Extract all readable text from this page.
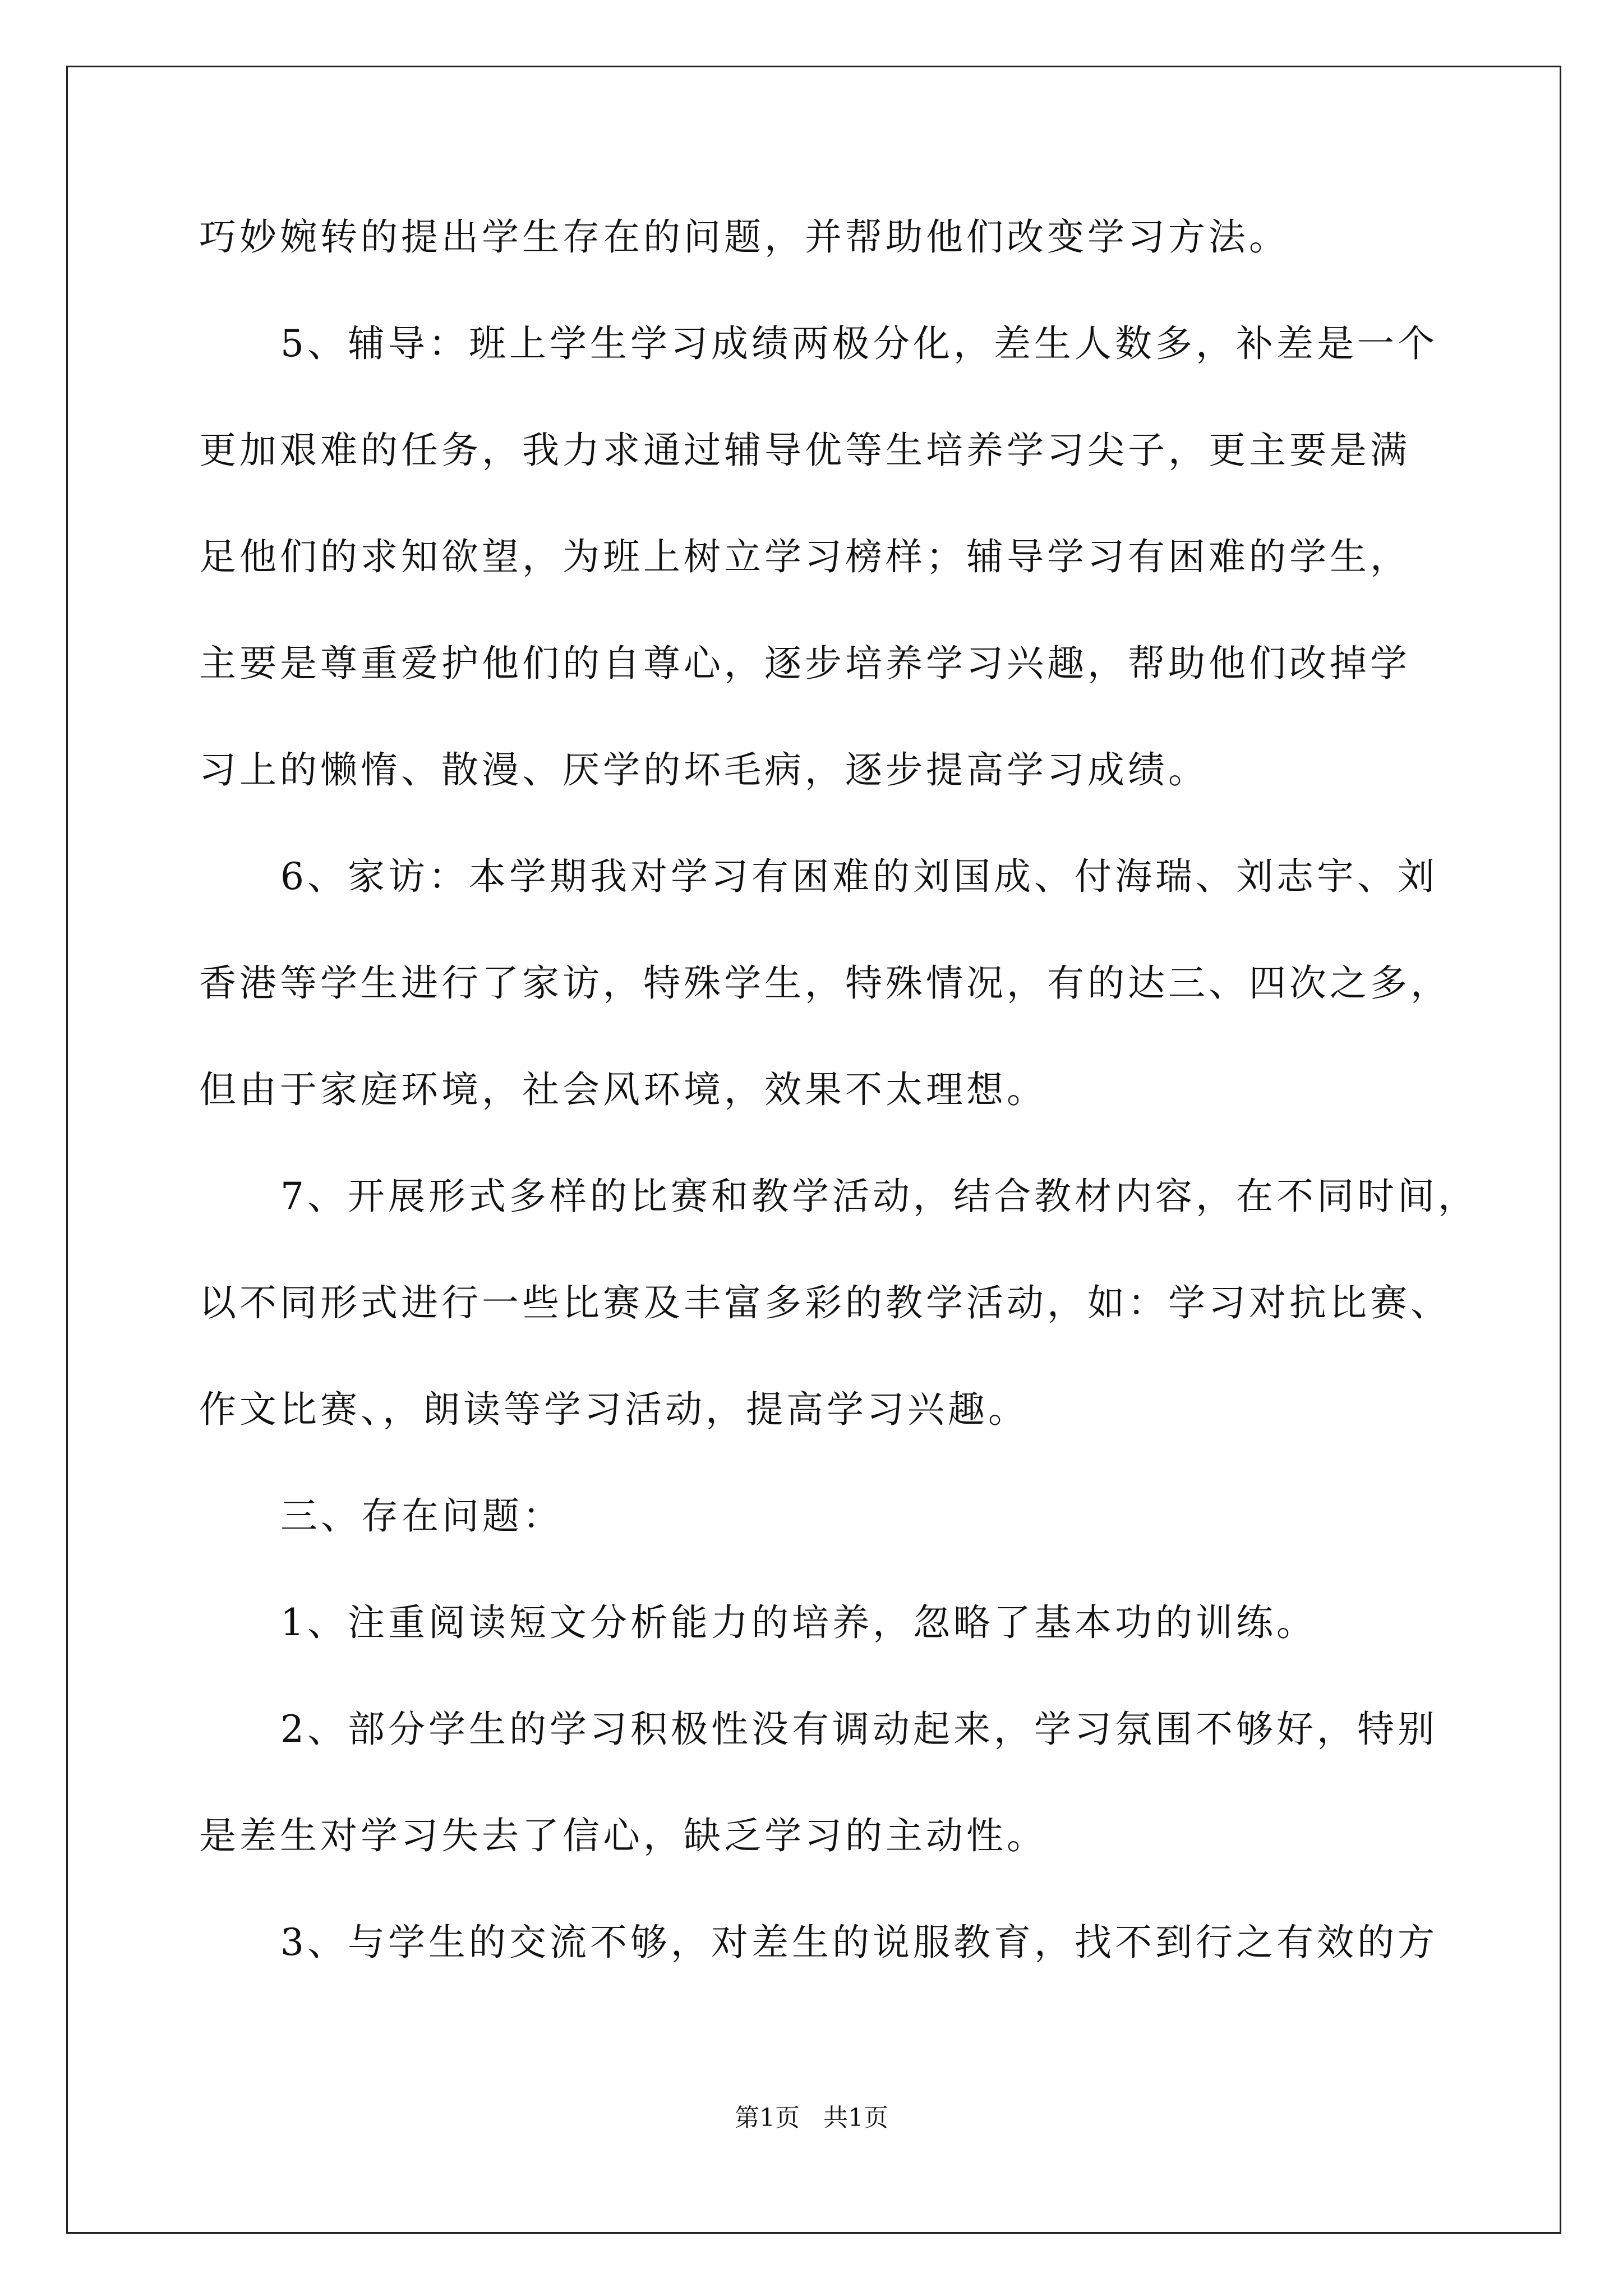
巧妙婉转的提出学生存在的问题，并帮助他们改变学习方法。
5、辅导：班上学生学习成绩两极分化，差生人数多，补差是一个
更加艰难的任务，我力求通过辅导优等生培养学习尖子，更主要是满
足他们的求知欲望，为班上树立学习榜样；辅导学习有困难的学生，
主要是尊重爱护他们的自尊心，逐步培养学习兴趣，帮助他们改掉学
习上的懒惰、散漫、厌学的坏毛病，逐步提高学习成绩。
6、家访：本学期我对学习有困难的刘国成、付海瑞、刘志宇、刘
香港等学生进行了家访，特殊学生，特殊情况，有的达三、四次之多，
但由于家庭环境，社会风环境，效果不太理想。
7、开展形式多样的比赛和教学活动，结合教材内容，在不同时间，
以不同形式进行一些比赛及丰富多彩的教学活动，如：学习对抗比赛、
作文比赛、，朗读等学习活动，提高学习兴趣。
三、存在问题：
1、注重阅读短文分析能力的培养，忽略了基本功的训练。
2、部分学生的学习积极性没有调动起来，学习氛围不够好，特别
是差生对学习失去了信心，缺乏学习的主动性。
3、与学生的交流不够，对差生的说服教育，找不到行之有效的方
第1页   共1页
